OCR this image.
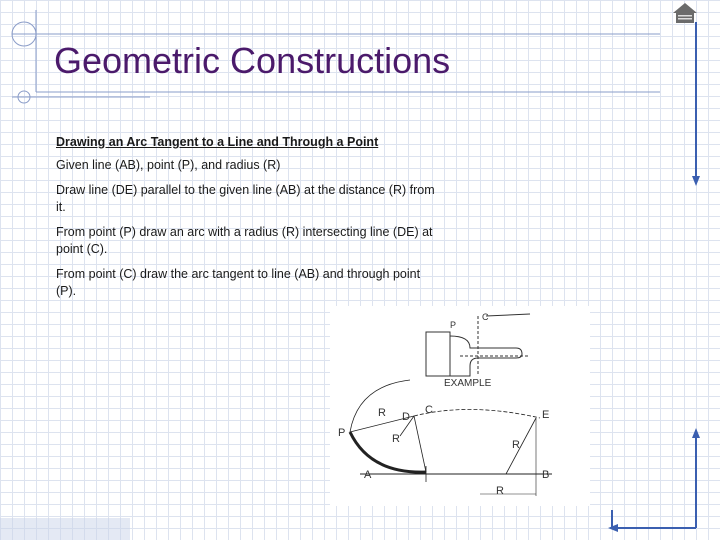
Geometric Constructions

Drawing an Arc Tangent to a Line and Through a Point

Given line (AB), point (P), and radius (R)

Draw line (DE) parallel to the given line (AB) at the distance (R) from it.

From point (P) draw an arc with a radius (R) intersecting line (DE) at point (C).

From point (C) draw the arc tangent to line (AB) and through point (P).

P
C
EXAMPLE
R D
C	E
P	R	R
A	B
R
